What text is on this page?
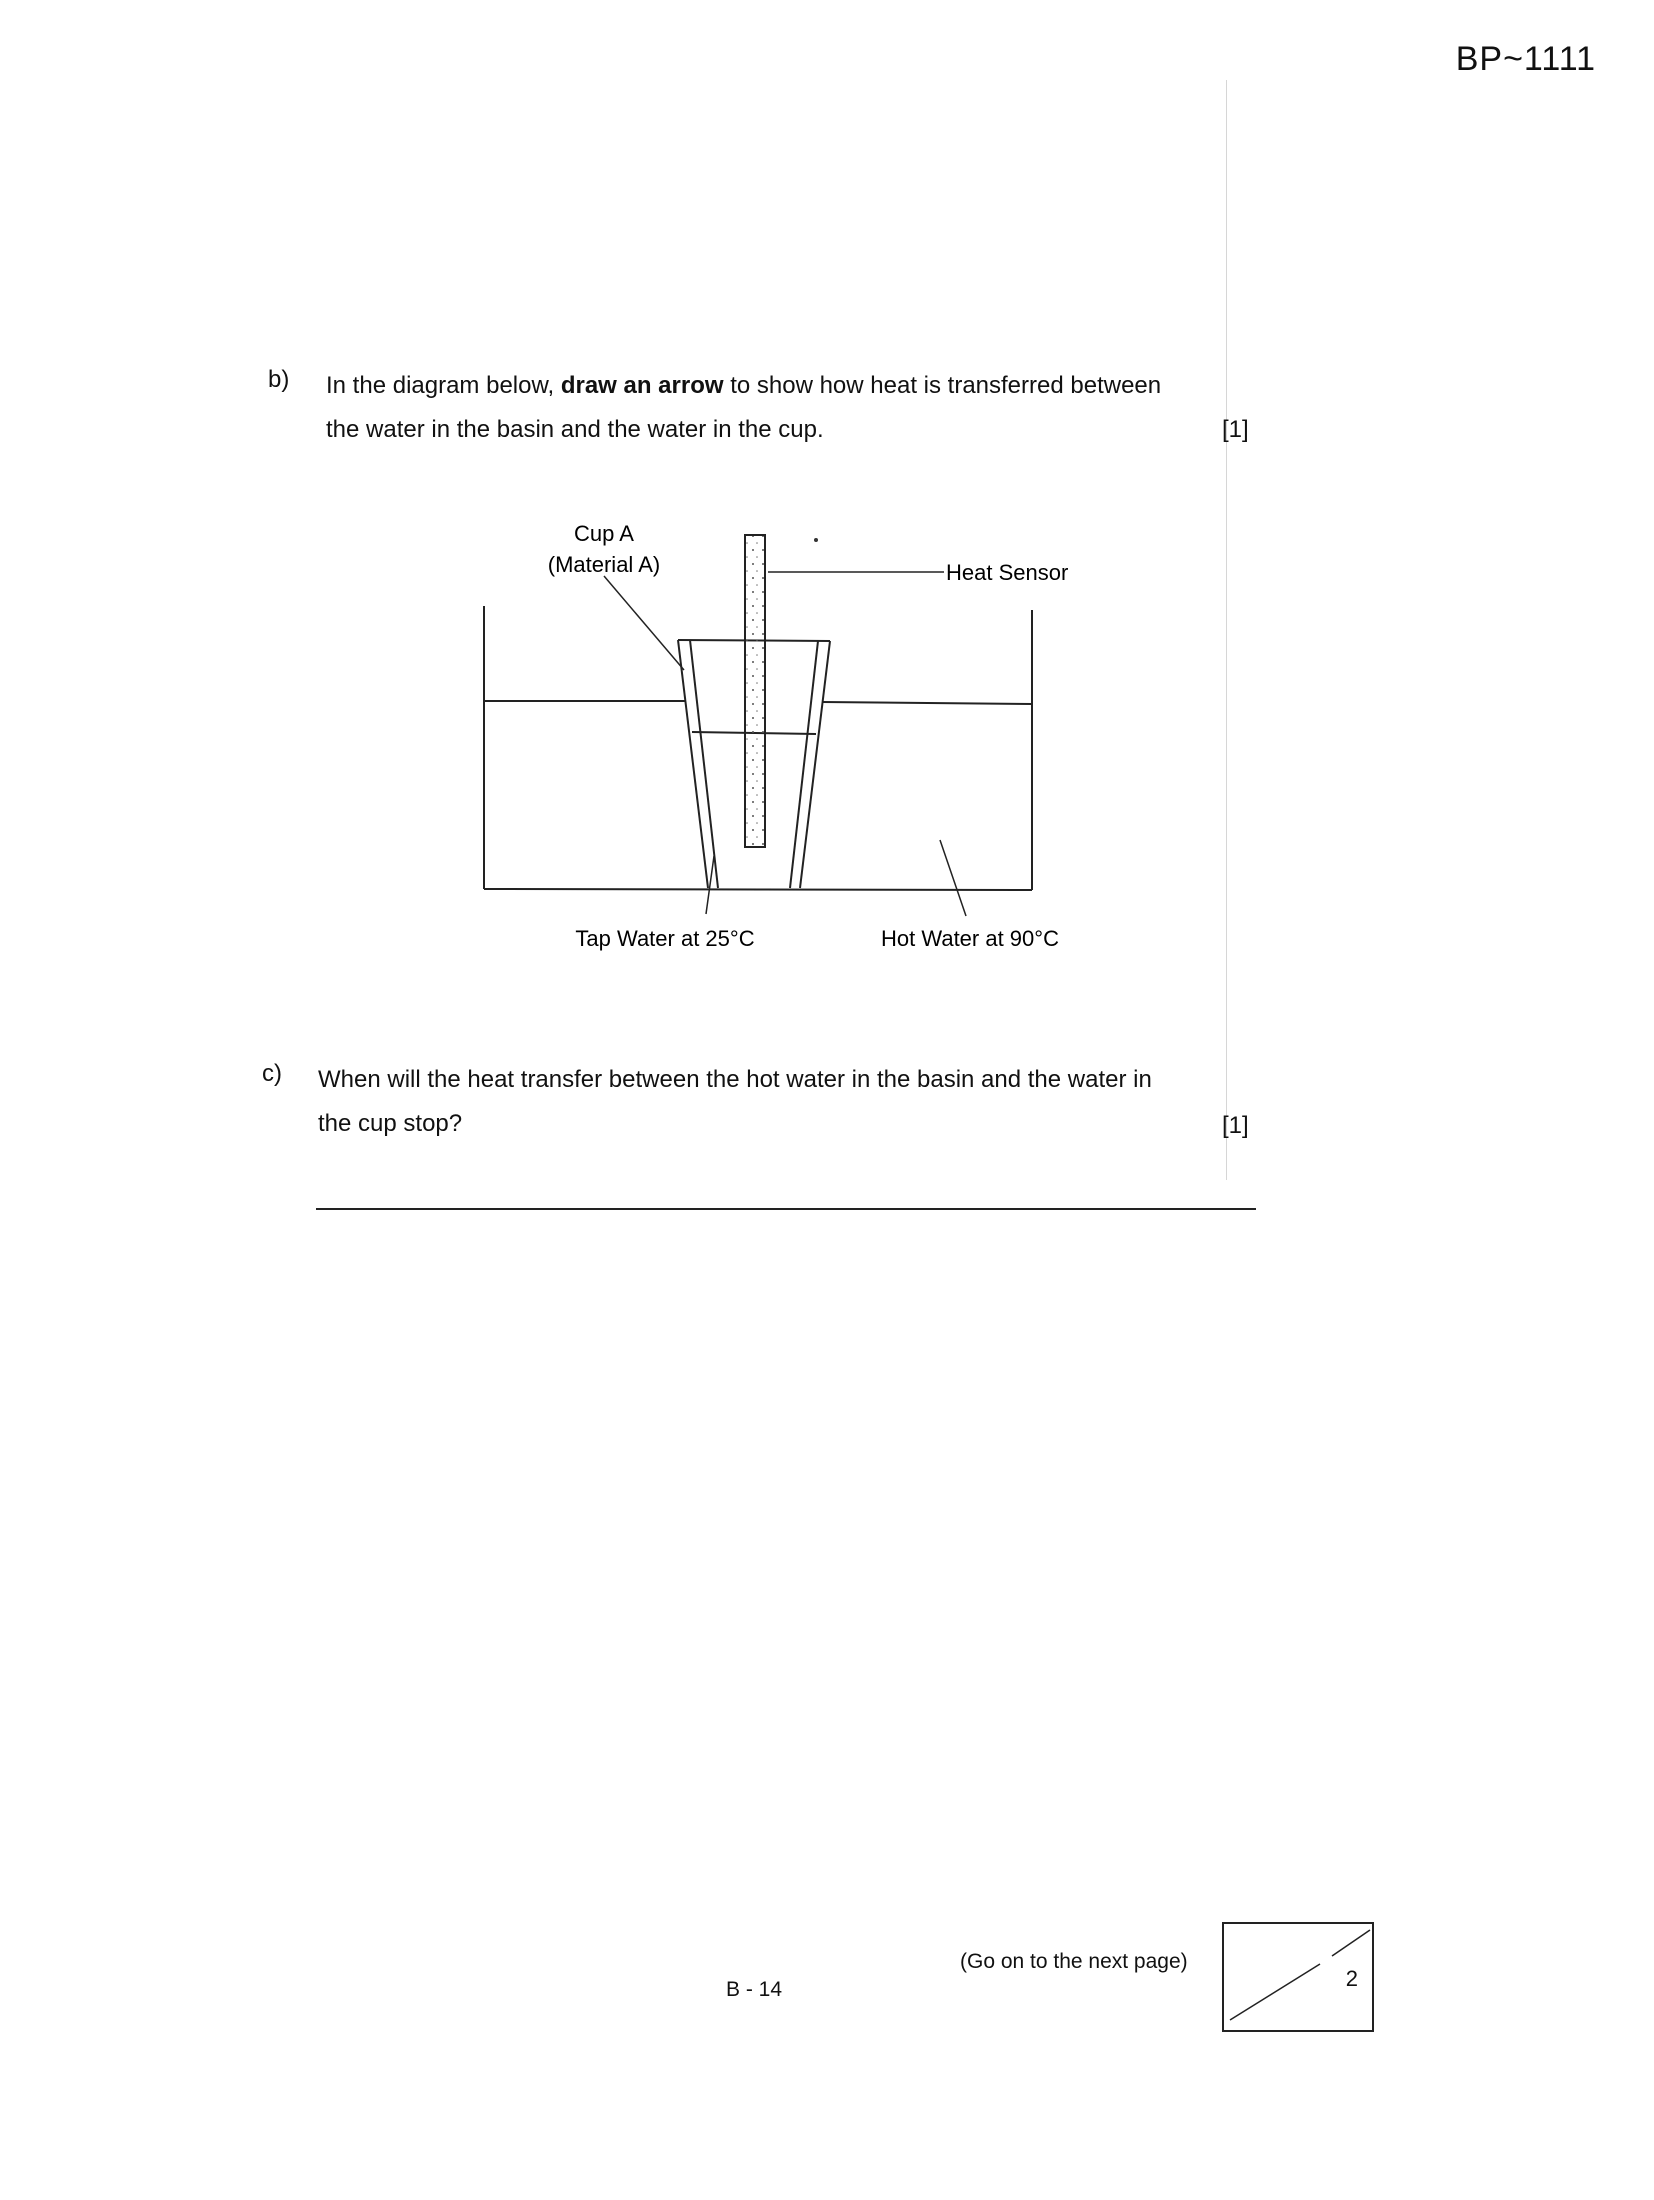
BP~1111
b) In the diagram below, draw an arrow to show how heat is transferred between
the water in the basin and the water in the cup.	[1]
Cup A
(Material A)	Heat Sensor
Tap Water at 25°C	Hot Water at 90°C
c) When will the heat transfer between the hot water in the basin and the water in
the cup stop?	[1]
B - 14
(Go on to the next page)
2
